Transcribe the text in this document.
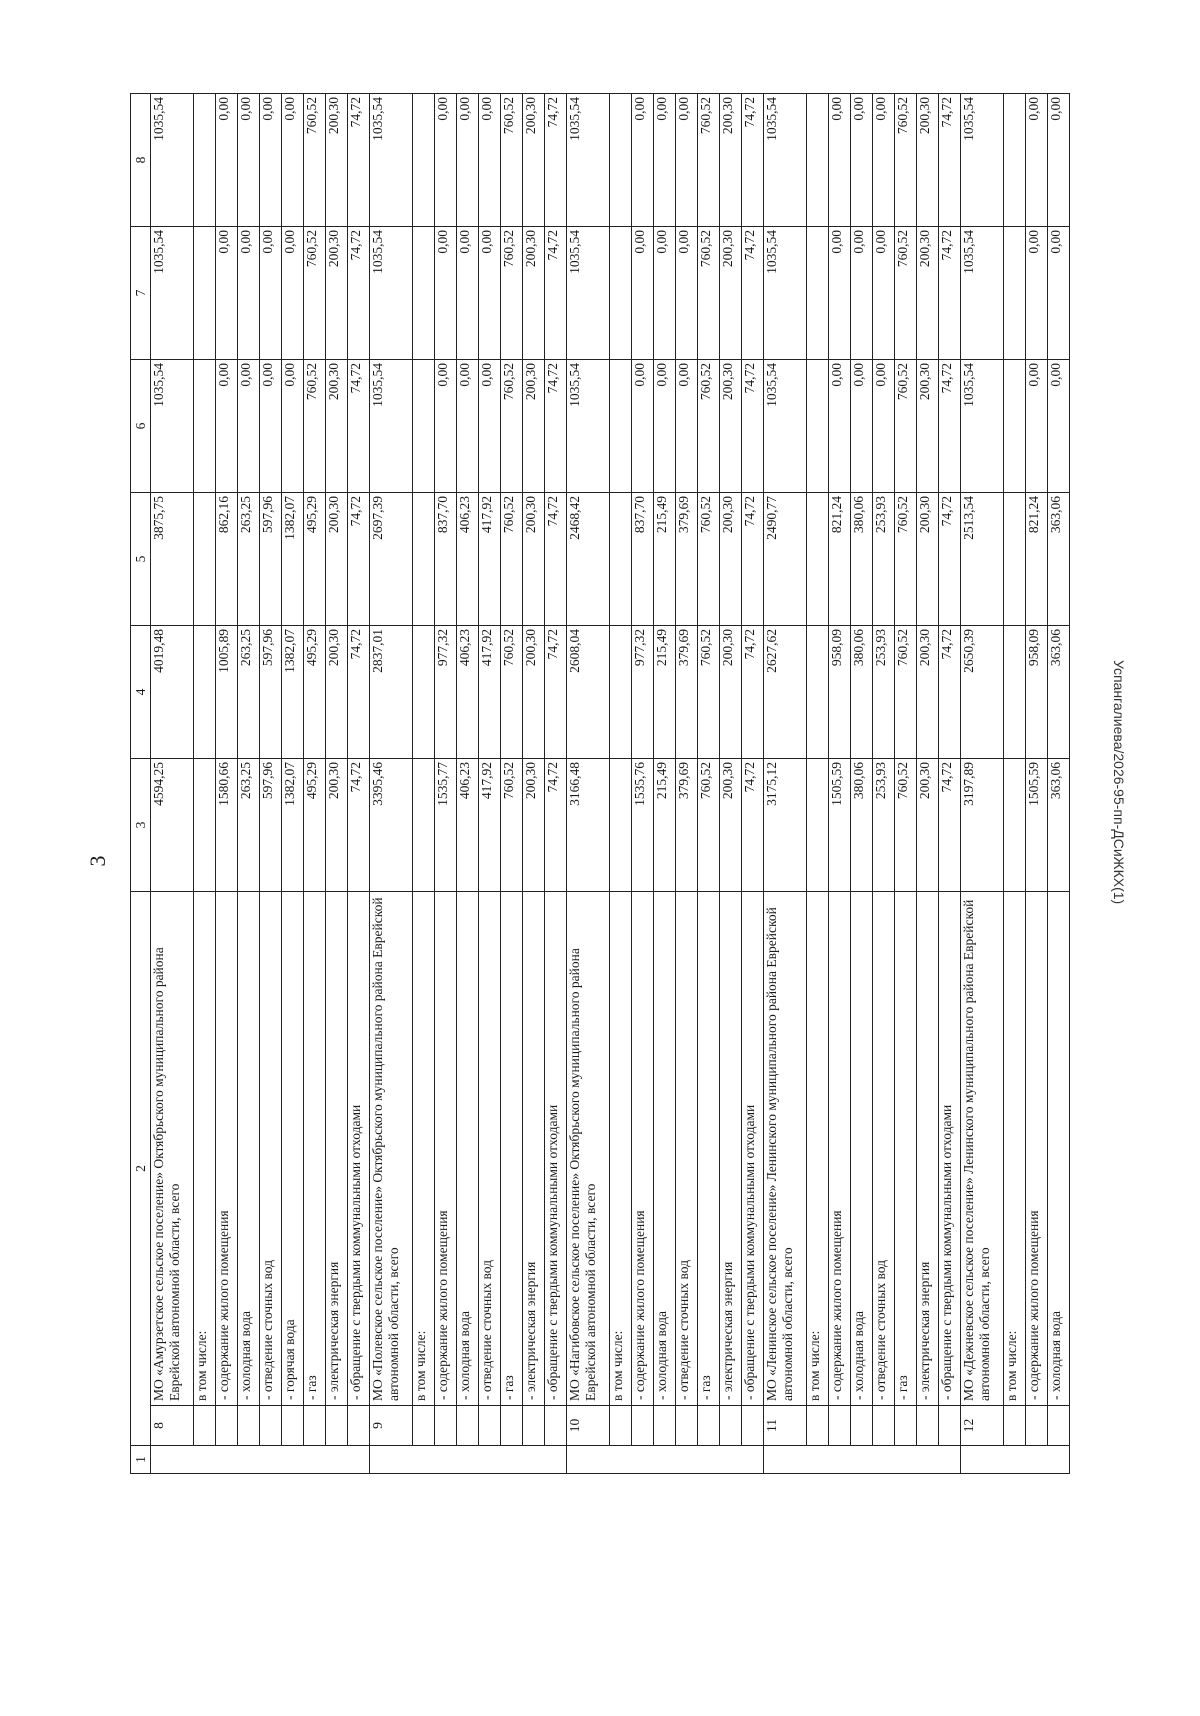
3	Успангалиева/2026-95-пп-ДСиЖКХ(1)
1	2		3	4	5	6	7	8
	8	МО «Амурзетское сельское поселение» Октябрьского муниципального района Еврейской автономной области, всего	4594,25	4019,48	3875,75	1035,54	1035,54	1035,54
		в том числе:						
		- содержание жилого помещения	1580,66	1005,89	862,16	0,00	0,00	0,00
		- холодная вода	263,25	263,25	263,25	0,00	0,00	0,00
		- отведение сточных вод	597,96	597,96	597,96	0,00	0,00	0,00
		- горячая вода	1382,07	1382,07	1382,07	0,00	0,00	0,00
		- газ	495,29	495,29	495,29	760,52	760,52	760,52
		- электрическая энергия	200,30	200,30	200,30	200,30	200,30	200,30
		- обращение с твердыми коммунальными отходами	74,72	74,72	74,72	74,72	74,72	74,72
	9	МО «Полевское сельское поселение» Октябрьского муниципального района Еврейской автономной области, всего	3395,46	2837,01	2697,39	1035,54	1035,54	1035,54
		в том числе:						
		- содержание жилого помещения	1535,77	977,32	837,70	0,00	0,00	0,00
		- холодная вода	406,23	406,23	406,23	0,00	0,00	0,00
		- отведение сточных вод	417,92	417,92	417,92	0,00	0,00	0,00
		- газ	760,52	760,52	760,52	760,52	760,52	760,52
		- электрическая энергия	200,30	200,30	200,30	200,30	200,30	200,30
		- обращение с твердыми коммунальными отходами	74,72	74,72	74,72	74,72	74,72	74,72
	10	МО «Нагибовское сельское поселение» Октябрьского муниципального района Еврейской автономной области, всего	3166,48	2608,04	2468,42	1035,54	1035,54	1035,54
		в том числе:						
		- содержание жилого помещения	1535,76	977,32	837,70	0,00	0,00	0,00
		- холодная вода	215,49	215,49	215,49	0,00	0,00	0,00
		- отведение сточных вод	379,69	379,69	379,69	0,00	0,00	0,00
		- газ	760,52	760,52	760,52	760,52	760,52	760,52
		- электрическая энергия	200,30	200,30	200,30	200,30	200,30	200,30
		- обращение с твердыми коммунальными отходами	74,72	74,72	74,72	74,72	74,72	74,72
	11	МО «Ленинское сельское поселение» Ленинского муниципального района Еврейской автономной области, всего	3175,12	2627,62	2490,77	1035,54	1035,54	1035,54
		в том числе:						
		- содержание жилого помещения	1505,59	958,09	821,24	0,00	0,00	0,00
		- холодная вода	380,06	380,06	380,06	0,00	0,00	0,00
		- отведение сточных вод	253,93	253,93	253,93	0,00	0,00	0,00
		- газ	760,52	760,52	760,52	760,52	760,52	760,52
		- электрическая энергия	200,30	200,30	200,30	200,30	200,30	200,30
		- обращение с твердыми коммунальными отходами	74,72	74,72	74,72	74,72	74,72	74,72
	12	МО «Дежневское сельское поселение» Ленинского муниципального района Еврейской автономной области, всего	3197,89	2650,39	2513,54	1035,54	1035,54	1035,54
		в том числе:						
		- содержание жилого помещения	1505,59	958,09	821,24	0,00	0,00	0,00
		- холодная вода	363,06	363,06	363,06	0,00	0,00	0,00
